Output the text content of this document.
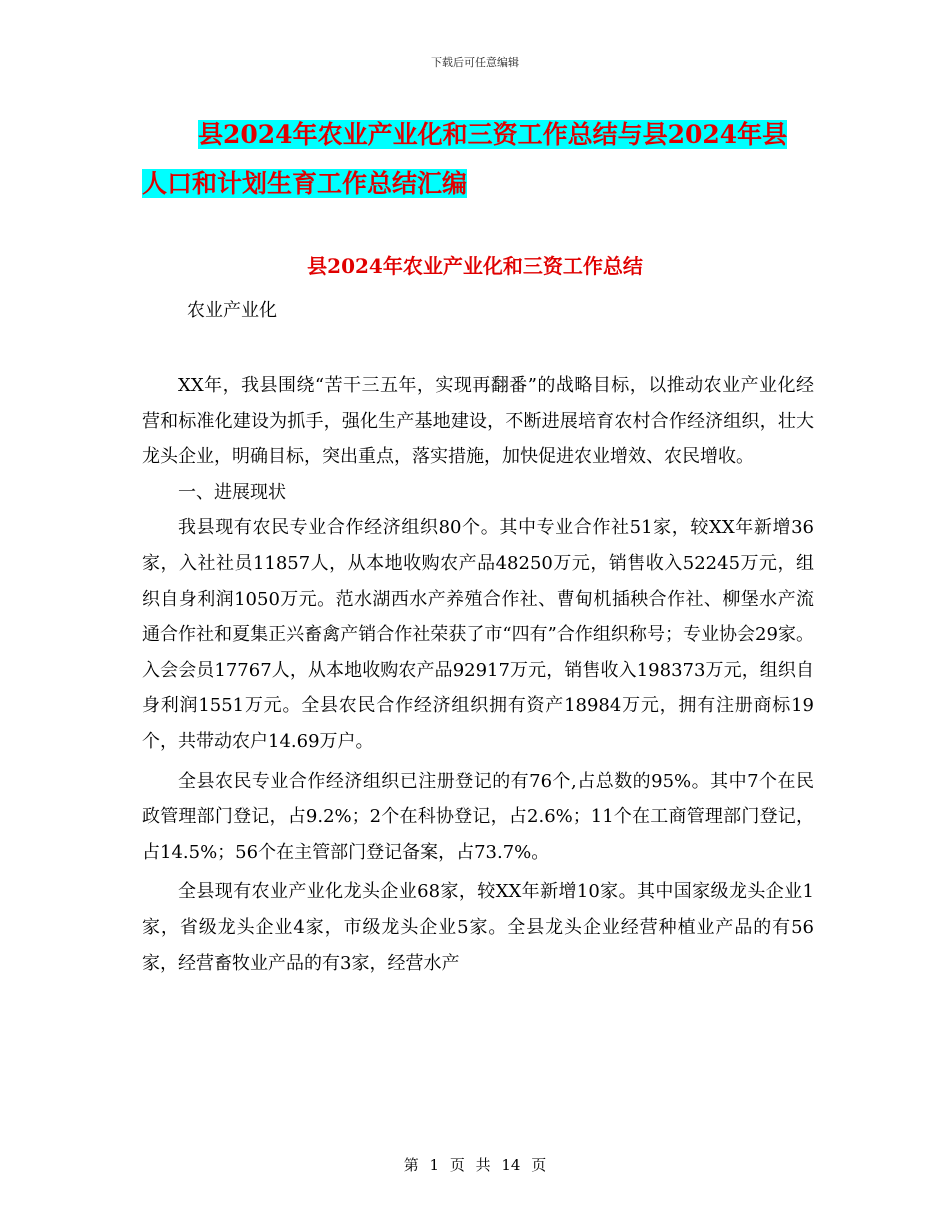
下载后可任意编辑
县2024年农业产业化和三资工作总结与县2024年县
人口和计划生育工作总结汇编
县2024年农业产业化和三资工作总结
农业产业化

XX年，我县围绕“苦干三五年，实现再翻番”的战略目标，以推动农业产业化经营和标准化建设为抓手，强化生产基地建设，不断进展培育农村合作经济组织，壮大龙头企业，明确目标，突出重点，落实措施，加快促进农业增效、农民增收。

一、进展现状

我县现有农民专业合作经济组织80个。其中专业合作社51家，较XX年新增36家，入社社员11857人，从本地收购农产品48250万元，销售收入52245万元，组织自身利润1050万元。范水湖西水产养殖合作社、曹甸机插秧合作社、柳堡水产流通合作社和夏集正兴畜禽产销合作社荣获了市“四有”合作组织称号；专业协会29家。入会会员17767人，从本地收购农产品92917万元，销售收入198373万元，组织自身利润1551万元。全县农民合作经济组织拥有资产18984万元，拥有注册商标19个，共带动农户14.69万户。

全县农民专业合作经济组织已注册登记的有76个,占总数的95%。其中7个在民政管理部门登记，占9.2%；2个在科协登记，占2.6%；11个在工商管理部门登记，占14.5%；56个在主管部门登记备案，占73.7%。

全县现有农业产业化龙头企业68家，较XX年新增10家。其中国家级龙头企业1家，省级龙头企业4家，市级龙头企业5家。全县龙头企业经营种植业产品的有56家，经营畜牧业产品的有3家，经营水产

第 1 页 共 14 页
